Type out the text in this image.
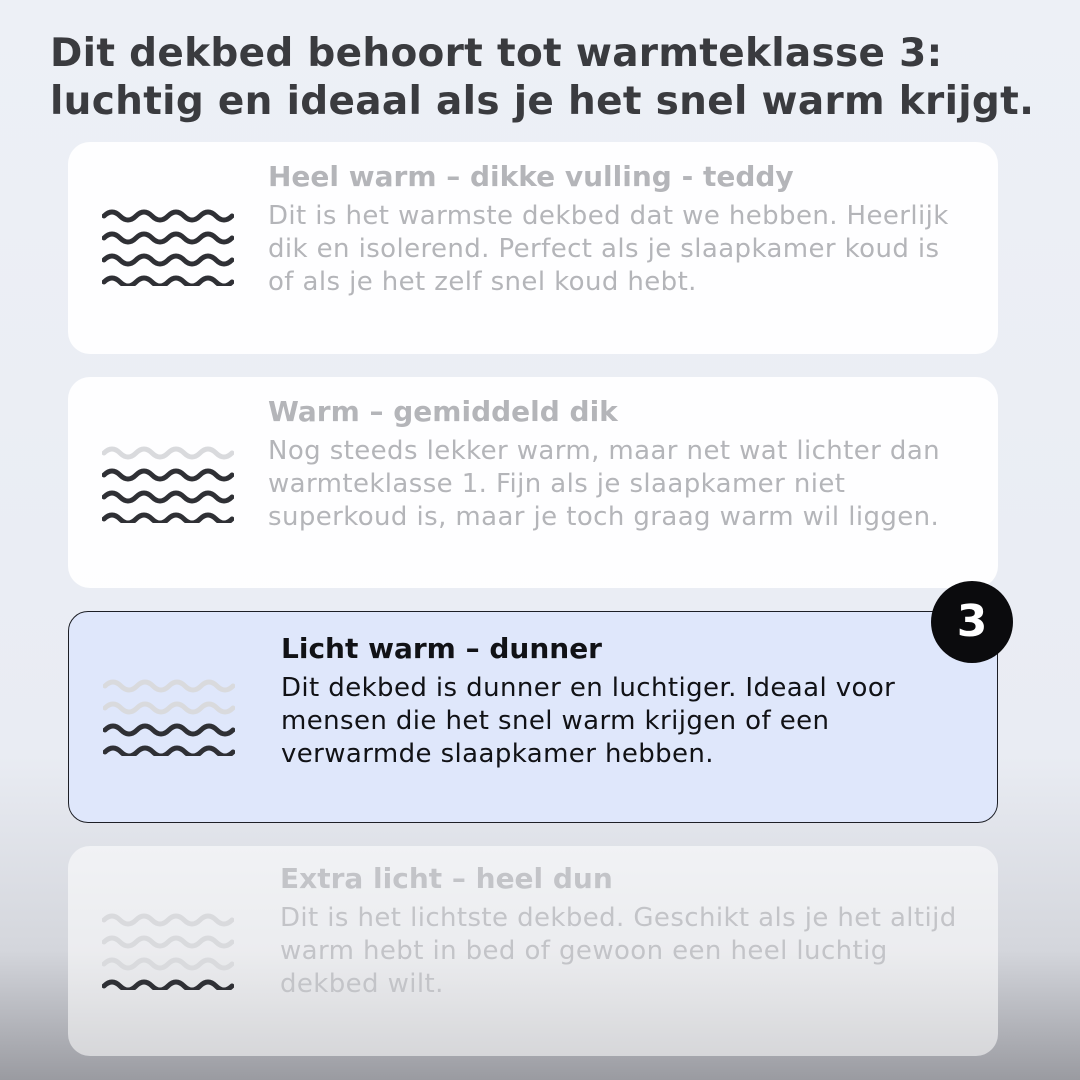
Dit dekbed behoort tot warmteklasse 3: luchtig en ideaal als je het snel warm krijgt.
Heel warm – dikke vulling - teddy

Dit is het warmste dekbed dat we hebben. Heerlijk dik en isolerend. Perfect als je slaapkamer koud is of als je het zelf snel koud hebt.

Warm – gemiddeld dik

Nog steeds lekker warm, maar net wat lichter dan warmteklasse 1. Fijn als je slaapkamer niet superkoud is, maar je toch graag warm wil liggen.

Licht warm – dunner

Dit dekbed is dunner en luchtiger. Ideaal voor mensen die het snel warm krijgen of een verwarmde slaapkamer hebben.

3
Extra licht – heel dun

Dit is het lichtste dekbed. Geschikt als je het altijd warm hebt in bed of gewoon een heel luchtig dekbed wilt.
